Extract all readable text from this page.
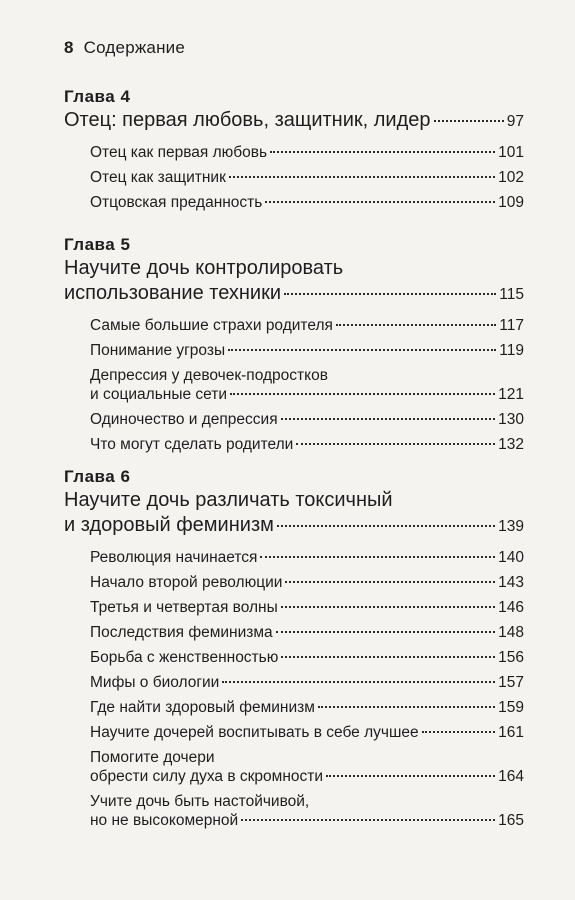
8 Содержание
Глава 4
Отец: первая любовь, защитник, лидер	97
Отец как первая любовь	101
Отец как защитник	102
Отцовская преданность	109
Глава 5
Научите дочь контролировать
использование техники	115
Самые большие страхи родителя	117
Понимание угрозы	119
Депрессия у девочек-подростков
и социальные сети	121
Одиночество и депрессия	130
Что могут сделать родители	132
Глава 6
Научите дочь различать токсичный
и здоровый феминизм	139
Революция начинается	140
Начало второй революции	143
Третья и четвертая волны	146
Последствия феминизма	148
Борьба с женственностью	156
Мифы о биологии	157
Где найти здоровый феминизм	159
Научите дочерей воспитывать в себе лучшее	161
Помогите дочери
обрести силу духа в скромности	164
Учите дочь быть настойчивой,
но не высокомерной	165
